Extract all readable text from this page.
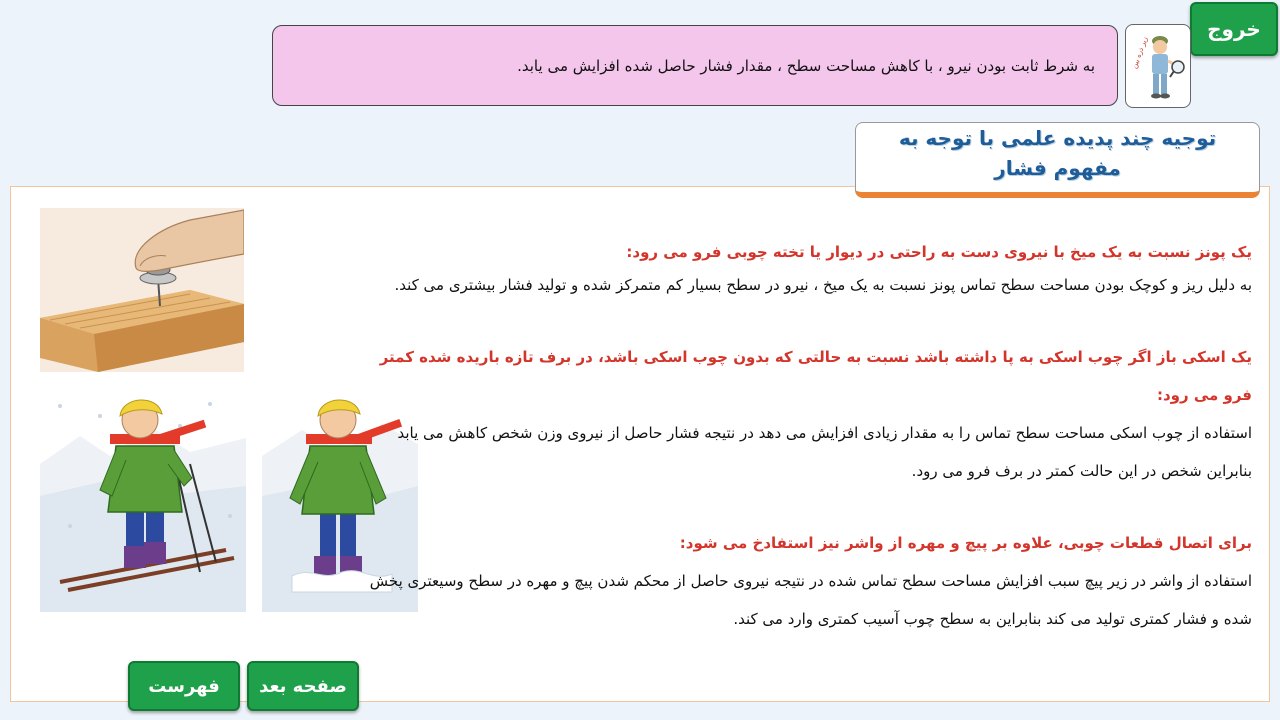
خروج
زیر ذره بین
به شرط ثابت بودن نیرو ، با کاهش مساحت سطح ، مقدار فشار حاصل شده افزایش می یابد.
توجیه چند پدیده علمی با توجه به مفهوم فشار

یک پونز نسبت به یک میخ با نیروی دست به راحتی در دیوار یا تخته چوبی فرو می رود:

به دلیل ریز و کوچک بودن مساحت سطح تماس پونز نسبت به یک میخ ، نیرو در سطح بسیار کم متمرکز شده و تولید فشار بیشتری می کند.

یک اسکی باز اگر چوب اسکی به پا داشته باشد نسبت به حالتی که بدون چوب اسکی باشد، در برف تازه باریده شده کمتر فرو می رود:

استفاده از چوب اسکی مساحت سطح تماس را به مقدار زیادی افزایش می دهد در نتیجه فشار حاصل از نیروی وزن شخص کاهش می یابد بنابراین شخص در این حالت کمتر در برف فرو می رود.

برای اتصال قطعات چوبی، علاوه بر پیچ و مهره از واشر نیز استفادخ می شود:

استفاده از واشر در زیر پیچ سبب افزایش مساحت سطح تماس شده در نتیجه نیروی حاصل از محکم شدن پیچ و مهره در سطح وسیعتری پخش شده و فشار کمتری تولید می کند بنابراین به سطح چوب آسیب کمتری وارد می کند.

فهرست	صفحه بعد
